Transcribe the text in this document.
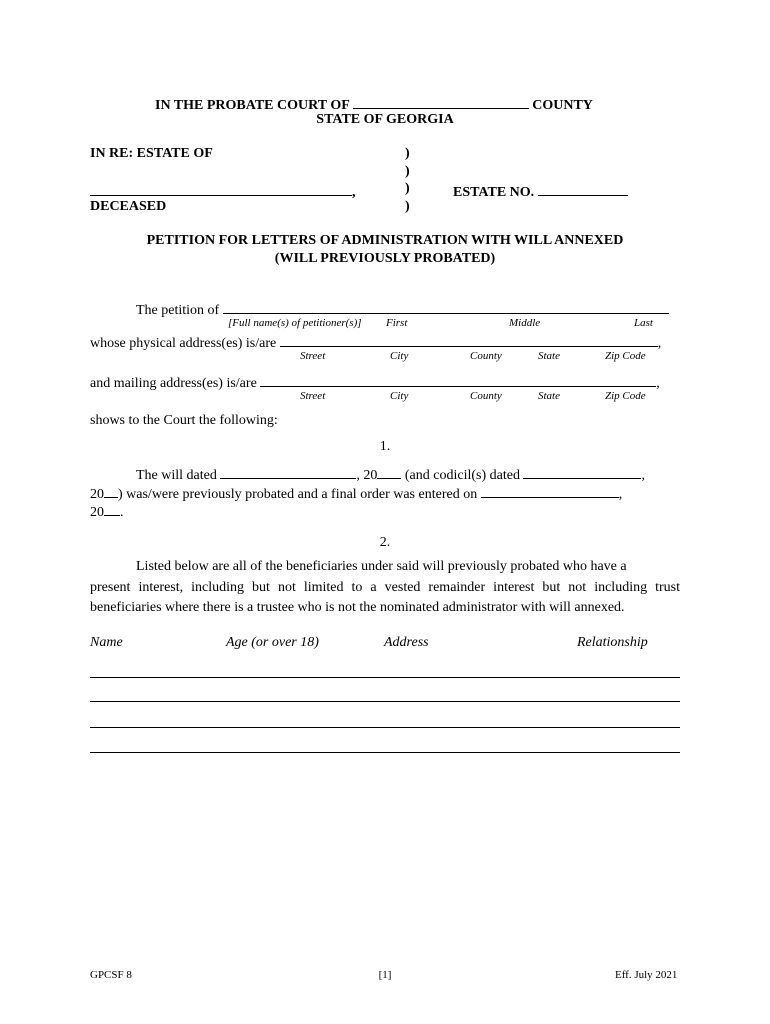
IN THE PROBATE COURT OF	COUNTY
STATE OF GEORGIA
IN RE: ESTATE OF
,
DECEASED
)
)
)
)
ESTATE NO.
PETITION FOR LETTERS OF ADMINISTRATION WITH WILL ANNEXED
(WILL PREVIOUSLY PROBATED)
The petition of
[Full name(s) of petitioner(s)] First	Middle	Last
whose physical address(es) is/are	,
Street	City	County	State	Zip Code
and mailing address(es) is/are	,
Street	City	County	State	Zip Code
shows to the Court the following:
1.
The will dated	, 20 (and codicil(s) dated	,
20 ) was/were previously probated and a final order was entered on	,
20 .
2.
Listed below are all of the beneficiaries under said will previously probated who have a
present interest, including but not limited to a vested remainder interest but not including trust
beneficiaries where there is a trustee who is not the nominated administrator with will annexed.
Name	Age (or over 18)	Address	Relationship
GPCSF 8	[1]	Eff. July 2021
